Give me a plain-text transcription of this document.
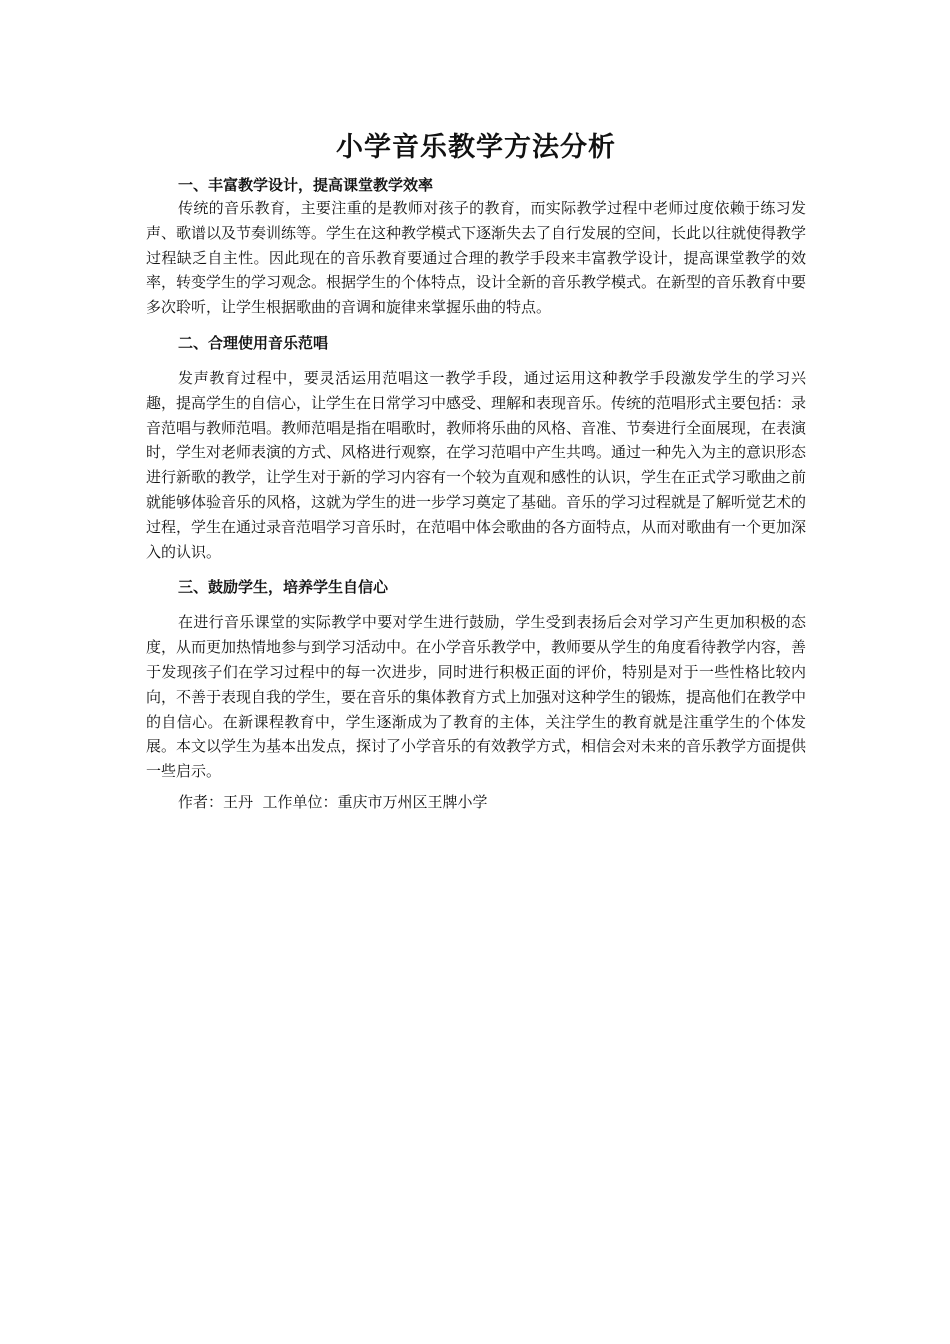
小学音乐教学方法分析

一、丰富教学设计，提高课堂教学效率

传统的音乐教育，主要注重的是教师对孩子的教育，而实际教学过程中老师过度依赖于练习发声、歌谱以及节奏训练等。学生在这种教学模式下逐渐失去了自行发展的空间，长此以往就使得教学过程缺乏自主性。因此现在的音乐教育要通过合理的教学手段来丰富教学设计，提高课堂教学的效率，转变学生的学习观念。根据学生的个体特点，设计全新的音乐教学模式。在新型的音乐教育中要多次聆听，让学生根据歌曲的音调和旋律来掌握乐曲的特点。

二、合理使用音乐范唱

发声教育过程中，要灵活运用范唱这一教学手段，通过运用这种教学手段激发学生的学习兴趣，提高学生的自信心，让学生在日常学习中感受、理解和表现音乐。传统的范唱形式主要包括：录音范唱与教师范唱。教师范唱是指在唱歌时，教师将乐曲的风格、音准、节奏进行全面展现，在表演时，学生对老师表演的方式、风格进行观察，在学习范唱中产生共鸣。通过一种先入为主的意识形态进行新歌的教学，让学生对于新的学习内容有一个较为直观和感性的认识，学生在正式学习歌曲之前就能够体验音乐的风格，这就为学生的进一步学习奠定了基础。音乐的学习过程就是了解听觉艺术的过程，学生在通过录音范唱学习音乐时，在范唱中体会歌曲的各方面特点，从而对歌曲有一个更加深入的认识。

三、鼓励学生，培养学生自信心

在进行音乐课堂的实际教学中要对学生进行鼓励，学生受到表扬后会对学习产生更加积极的态度，从而更加热情地参与到学习活动中。在小学音乐教学中，教师要从学生的角度看待教学内容，善于发现孩子们在学习过程中的每一次进步，同时进行积极正面的评价，特别是对于一些性格比较内向，不善于表现自我的学生，要在音乐的集体教育方式上加强对这种学生的锻炼，提高他们在教学中的自信心。在新课程教育中，学生逐渐成为了教育的主体，关注学生的教育就是注重学生的个体发展。本文以学生为基本出发点，探讨了小学音乐的有效教学方式，相信会对未来的音乐教学方面提供一些启示。

作者：王丹  工作单位：重庆市万州区王牌小学
